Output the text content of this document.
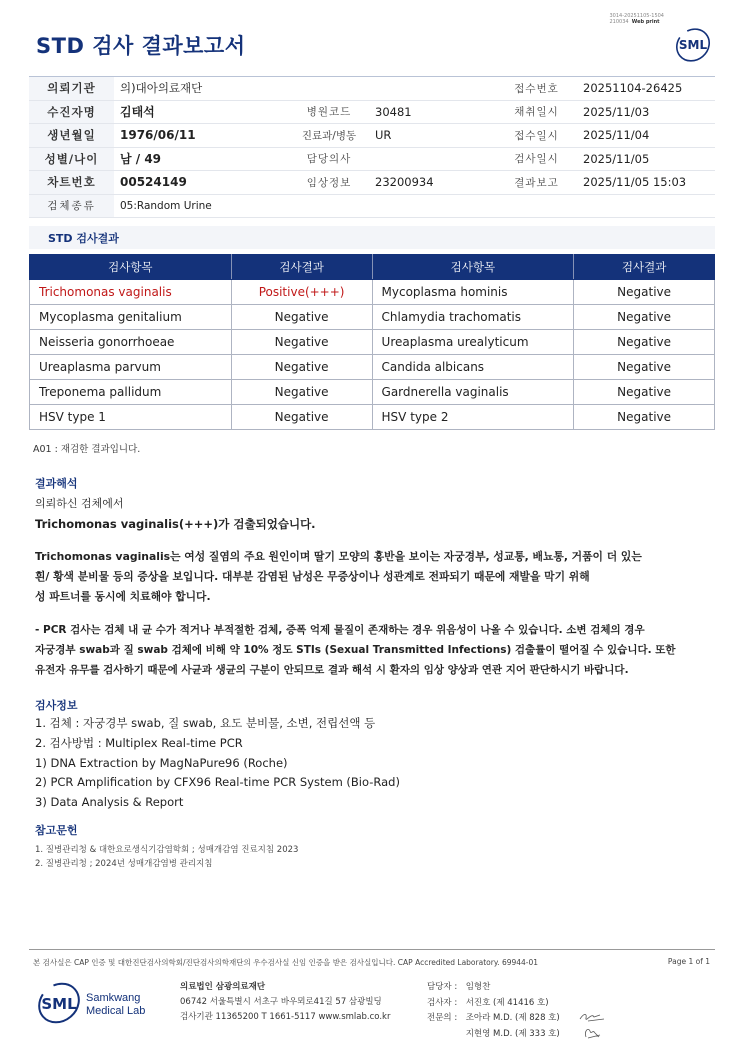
STD 검사 결과보고서
3014-20251105-1504
210034 Web print
SML
의뢰기관	의)대아의료재단			접수번호	20251104-26425
수진자명	김태석	병원코드	30481	채취일시	2025/11/03
생년월일	1976/06/11	진료과/병동	UR	접수일시	2025/11/04
성별/나이	남 / 49	담당의사		검사일시	2025/11/05
차트번호	00524149	임상정보	23200934	결과보고	2025/11/05 15:03
검체종류	05:Random Urine				
STD 검사결과
검사항목	검사결과	검사항목	검사결과
Trichomonas vaginalis	Positive(+++)	Mycoplasma hominis	Negative
Mycoplasma genitalium	Negative	Chlamydia trachomatis	Negative
Neisseria gonorrhoeae	Negative	Ureaplasma urealyticum	Negative
Ureaplasma parvum	Negative	Candida albicans	Negative
Treponema pallidum	Negative	Gardnerella vaginalis	Negative
HSV type 1	Negative	HSV type 2	Negative
A01 : 재검한 결과입니다.
결과해석
의뢰하신 검체에서
Trichomonas vaginalis(+++)가 검출되었습니다.
Trichomonas vaginalis는 여성 질염의 주요 원인이며 딸기 모양의 홍반을 보이는 자궁경부, 성교통, 배뇨통, 거품이 더 있는
흰/ 황색 분비물 등의 증상을 보입니다. 대부분 감염된 남성은 무증상이나 성관계로 전파되기 때문에 재발을 막기 위해
성 파트너를 동시에 치료해야 합니다.
- PCR 검사는 검체 내 균 수가 적거나 부적절한 검체, 증폭 억제 물질이 존재하는 경우 위음성이 나올 수 있습니다. 소변 검체의 경우
자궁경부 swab과 질 swab 검체에 비해 약 10% 정도 STIs (Sexual Transmitted Infections) 검출률이 떨어질 수 있습니다. 또한
유전자 유무를 검사하기 때문에 사균과 생균의 구분이 안되므로 결과 해석 시 환자의 임상 양상과 연관 지어 판단하시기 바랍니다.
검사정보
1. 검체 : 자궁경부 swab, 질 swab, 요도 분비물, 소변, 전립선액 등
2. 검사방법 : Multiplex Real-time PCR
1) DNA Extraction by MagNaPure96 (Roche)
2) PCR Amplification by CFX96 Real-time PCR System (Bio-Rad)
3) Data Analysis & Report
참고문헌
1. 질병관리청 & 대한요로생식기감염학회 ; 성매개감염 진료지침 2023
2. 질병관리청 ; 2024년 성매개감염병 관리지침
본 검사실은 CAP 인증 및 대한진단검사의학회/진단검사의학재단의 우수검사실 신임 인증을 받은 검사실입니다. CAP Accredited Laboratory. 69944-01	Page 1 of 1
SML Samkwang
Medical Lab
의료법인 삼광의료재단
06742 서울특별시 서초구 바우뫼로41길 57 삼광빌딩
검사기관 11365200 T 1661-5117 www.smlab.co.kr
담당자 : 임형찬
검사자 : 서진호 (제 41416 호)
전문의 : 조아라 M.D. (제 828 호)
지현영 M.D. (제 333 호)
